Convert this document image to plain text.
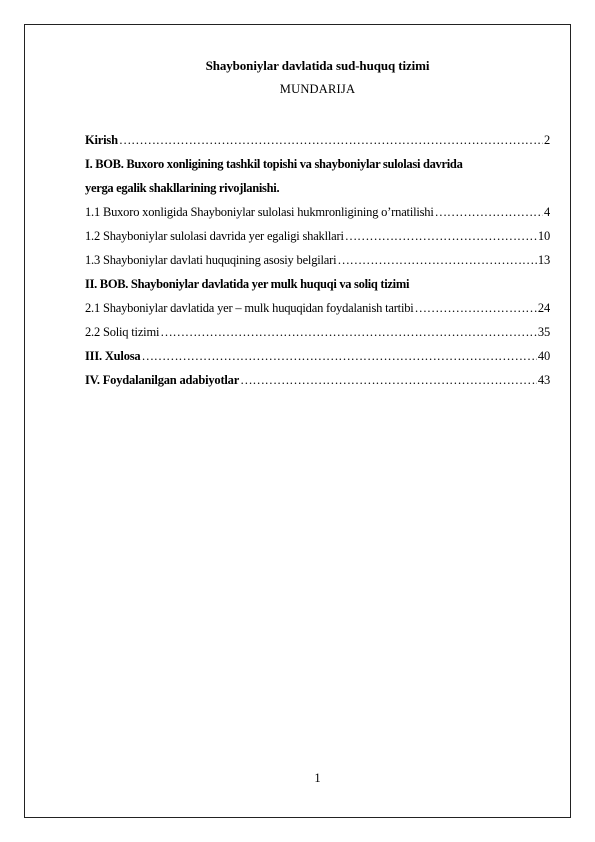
Shayboniylar davlatida sud-huquq tizimi
MUNDARIJA
Kirish ………………………………………………………………………………………………………………………………………	2
I. BOB. Buxoro xonligining tashkil topishi va shayboniylar sulolasi davrida
yerga egalik shakllarining rivojlanishi.
1.1 Buxoro xonligida Shayboniylar sulolasi hukmronligining o’rnatilishi ………………………………………………………………………………………………………………………………………	4
1.2 Shayboniylar sulolasi davrida yer egaligi shakllari ………………………………………………………………………………………………………………………………………	10
1.3 Shayboniylar davlati huquqining asosiy belgilari ………………………………………………………………………………………………………………………………………	13
II. BOB. Shayboniylar davlatida yer mulk huquqi va soliq tizimi
2.1 Shayboniylar davlatida yer – mulk huquqidan foydalanish tartibi ………………………………………………………………………………………………………………………………………	24
2.2 Soliq tizimi ………………………………………………………………………………………………………………………………………	35
III. Xulosa ………………………………………………………………………………………………………………………………………	40
IV. Foydalanilgan adabiyotlar ………………………………………………………………………………………………………………………………………	43
1
